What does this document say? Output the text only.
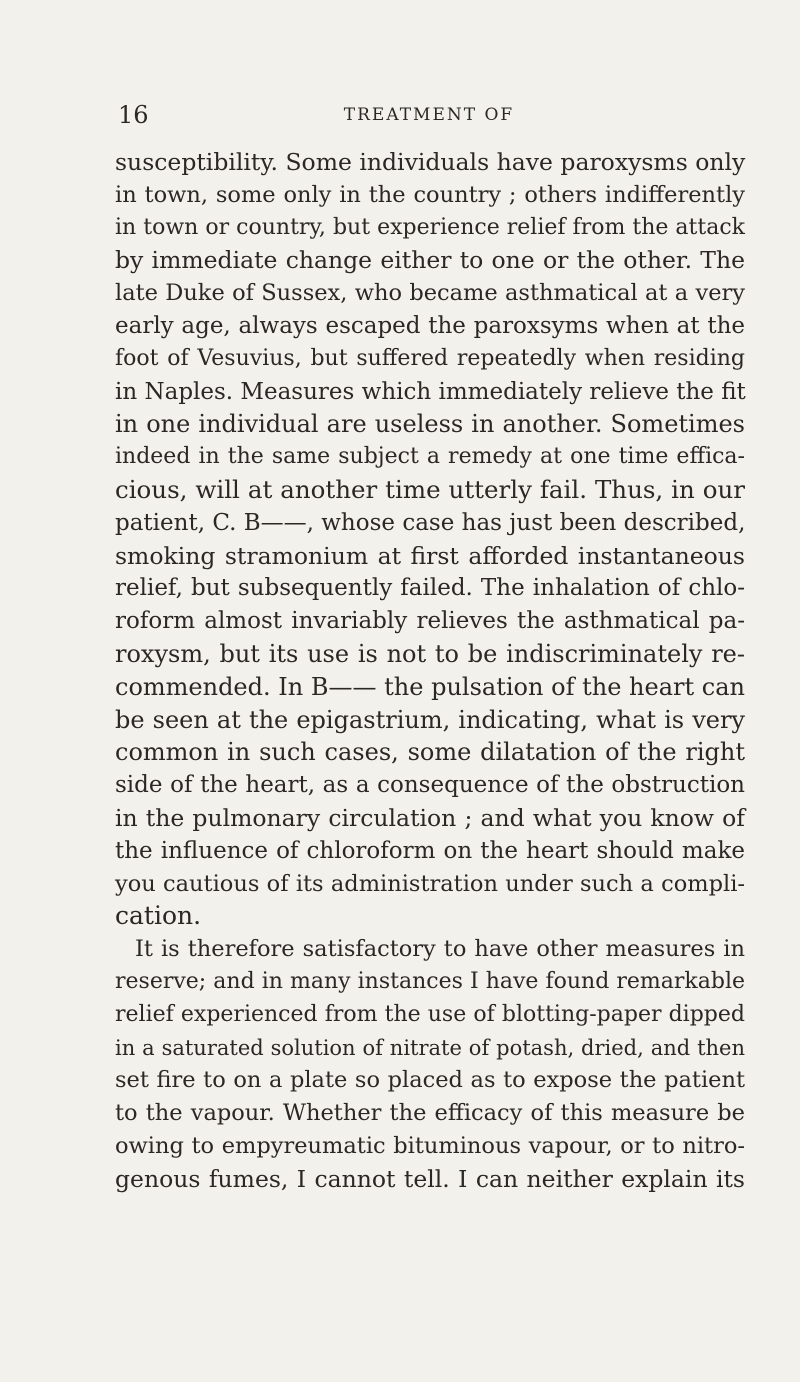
16	TREATMENT OF
susceptibility. Some individuals have paroxysms only
in town, some only in the country ; others indifferently
in town or country, but experience relief from the attack
by immediate change either to one or the other. The
late Duke of Sussex, who became asthmatical at a very
early age, always escaped the paroxsyms when at the
foot of Vesuvius, but suffered repeatedly when residing
in Naples. Measures which immediately relieve the fit
in one individual are useless in another. Sometimes
indeed in the same subject a remedy at one time effica-
cious, will at another time utterly fail. Thus, in our
patient, C. B——, whose case has just been described,
smoking stramonium at first afforded instantaneous
relief, but subsequently failed. The inhalation of chlo-
roform almost invariably relieves the asthmatical pa-
roxysm, but its use is not to be indiscriminately re-
commended. In B—— the pulsation of the heart can
be seen at the epigastrium, indicating, what is very
common in such cases, some dilatation of the right
side of the heart, as a consequence of the obstruction
in the pulmonary circulation ; and what you know of
the influence of chloroform on the heart should make
you cautious of its administration under such a compli-
cation.
It is therefore satisfactory to have other measures in
reserve; and in many instances I have found remarkable
relief experienced from the use of blotting-paper dipped
in a saturated solution of nitrate of potash, dried, and then
set fire to on a plate so placed as to expose the patient
to the vapour. Whether the efficacy of this measure be
owing to empyreumatic bituminous vapour, or to nitro-
genous fumes, I cannot tell. I can neither explain its
